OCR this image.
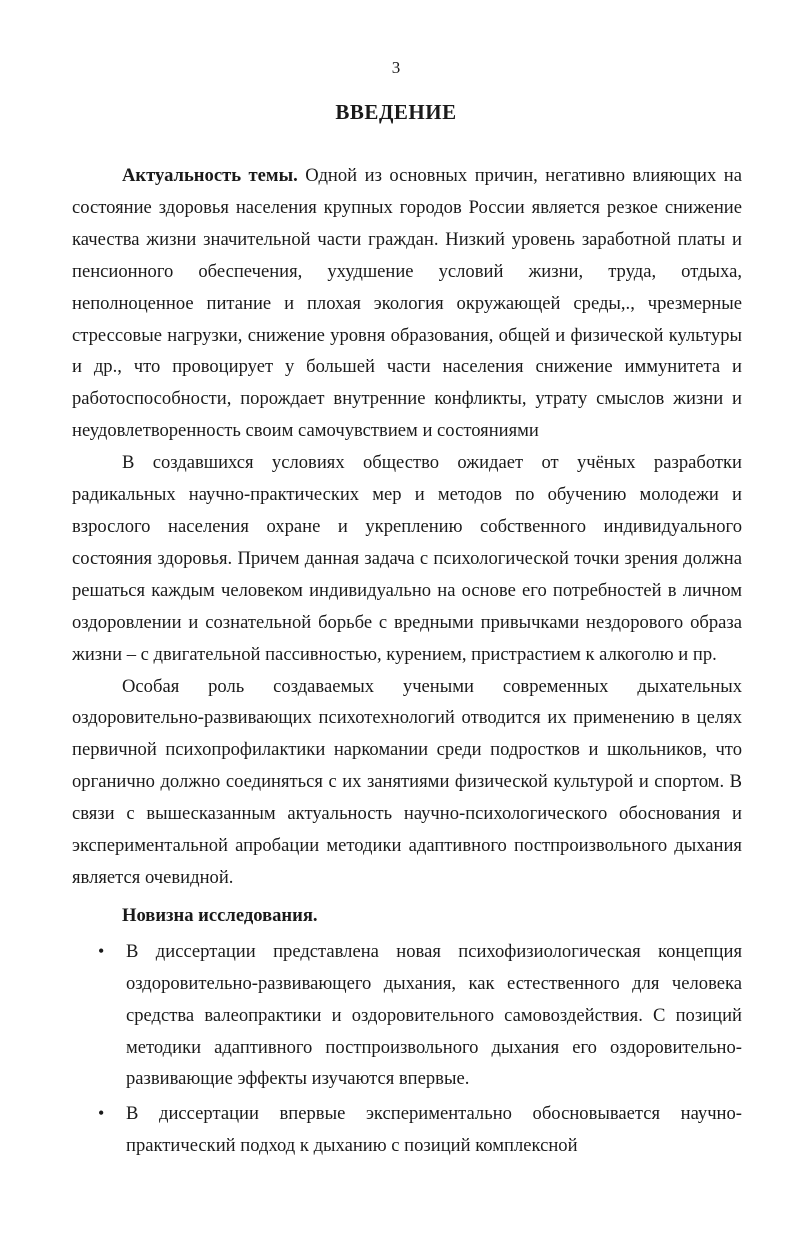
3
ВВЕДЕНИЕ

Актуальность темы. Одной из основных причин, негативно влияющих на состояние здоровья населения крупных городов России является резкое снижение качества жизни значительной части граждан. Низкий уровень заработной платы и пенсионного обеспечения, ухудшение условий жизни, труда, отдыха, неполноценное питание и плохая экология окружающей среды,., чрезмерные стрессовые нагрузки, снижение уровня образования, общей и физической культуры и др., что провоцирует у большей части населения снижение иммунитета и работоспособности, порождает внутренние конфликты, утрату смыслов жизни и неудовлетворенность своим самочувствием и состояниями

В создавшихся условиях общество ожидает от учёных разработки радикальных научно-практических мер и методов по обучению молодежи и взрослого населения охране и укреплению собственного индивидуального состояния здоровья. Причем данная задача с психологической точки зрения должна решаться каждым человеком индивидуально на основе его потребностей в личном оздоровлении и сознательной борьбе с вредными привычками нездорового образа жизни – с двигательной пассивностью, курением, пристрастием к алкоголю и пр.

Особая роль создаваемых учеными современных дыхательных оздоровительно-развивающих психотехнологий отводится их применению в целях первичной психопрофилактики наркомании среди подростков и школьников, что органично должно соединяться с их занятиями физической культурой и спортом. В связи с вышесказанным актуальность научно-психологического обоснования и экспериментальной апробации методики адаптивного постпроизвольного дыхания является очевидной.

Новизна исследования.
• В диссертации представлена новая психофизиологическая концепция оздоровительно-развивающего дыхания, как естественного для человека средства валеопрактики и оздоровительного самовоздействия. С позиций методики адаптивного постпроизвольного дыхания его оздоровительно-развивающие эффекты изучаются впервые.
• В диссертации впервые экспериментально обосновывается научно-практический подход к дыханию с позиций комплексной
